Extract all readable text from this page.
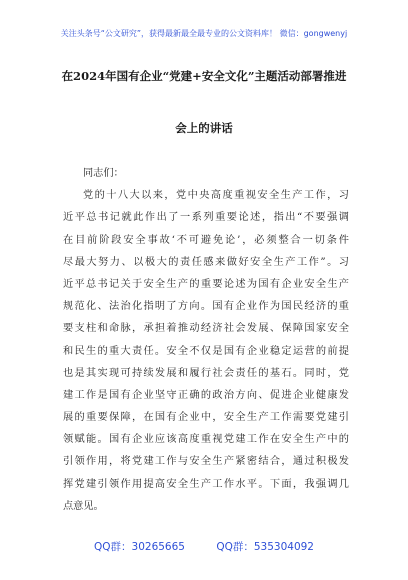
关注头条号“公文研究”，获得最新最全最专业的公文资料库！ 微信：gongwenyj
在2024年国有企业“党建+安全文化”主题活动部署推进
会上的讲话
同志们：
党的十八大以来，党中央高度重视安全生产工作，习
近平总书记就此作出了一系列重要论述，指出“不要强调
在目前阶段安全事故‘不可避免论’，必须整合一切条件
尽最大努力、以极大的责任感来做好安全生产工作”。习
近平总书记关于安全生产的重要论述为国有企业安全生产
规范化、法治化指明了方向。国有企业作为国民经济的重
要支柱和命脉，承担着推动经济社会发展、保障国家安全
和民生的重大责任。安全不仅是国有企业稳定运营的前提
也是其实现可持续发展和履行社会责任的基石。同时，党
建工作是国有企业坚守正确的政治方向、促进企业健康发
展的重要保障，在国有企业中，安全生产工作需要党建引
领赋能。国有企业应该高度重视党建工作在安全生产中的
引领作用，将党建工作与安全生产紧密结合，通过积极发
挥党建引领作用提高安全生产工作水平。下面，我强调几
点意见。
QQ群：30265665	QQ群：535304092
